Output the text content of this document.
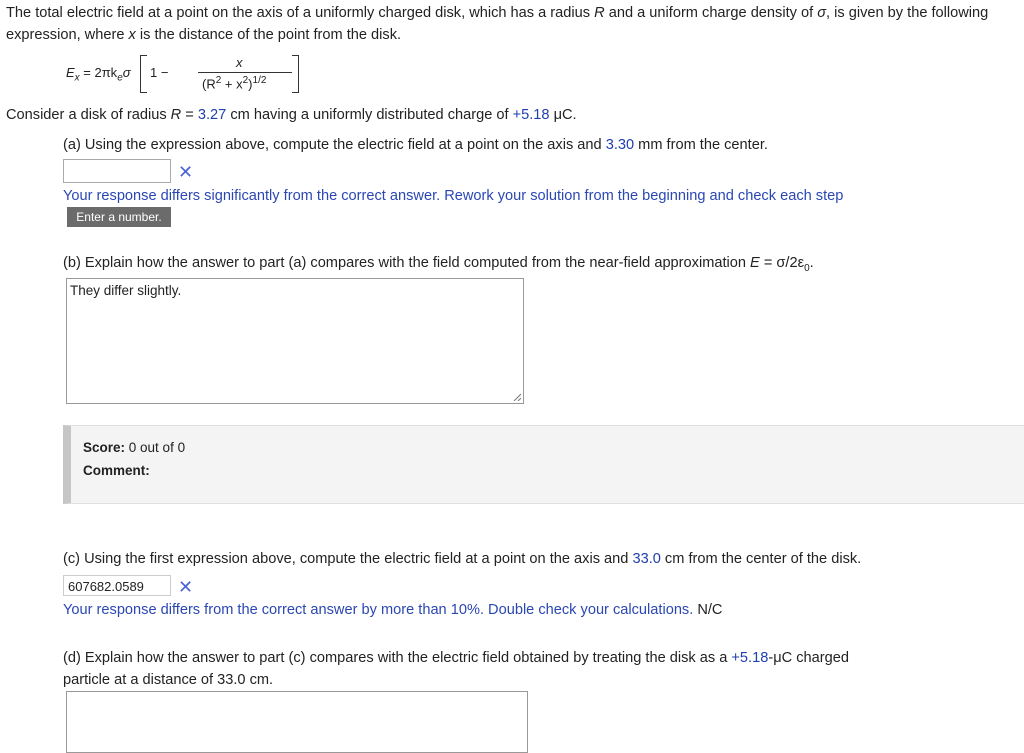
The total electric field at a point on the axis of a uniformly charged disk, which has a radius R and a uniform charge density of σ, is given by the following expression, where x is the distance of the point from the disk.
$E_x = 2\pi k_e\sigma$ 1 −
x
$(R^2 + x^2)^{1/2}$
Consider a disk of radius R = 3.27 cm having a uniformly distributed charge of +5.18 μC.
(a) Using the expression above, compute the electric field at a point on the axis and 3.30 mm from the center.
✕
Your response differs significantly from the correct answer. Rework your solution from the beginning and check each step
Enter a number.
(b) Explain how the answer to part (a) compares with the field computed from the near-field approximation $E = \sigma/2\varepsilon_0$.
They differ slightly.
Score: 0 out of 0
Comment:
(c) Using the first expression above, compute the electric field at a point on the axis and 33.0 cm from the center of the disk.
607682.0589	✕
Your response differs from the correct answer by more than 10%. Double check your calculations. N/C
(d) Explain how the answer to part (c) compares with the electric field obtained by treating the disk as a +5.18-μC charged
particle at a distance of 33.0 cm.
